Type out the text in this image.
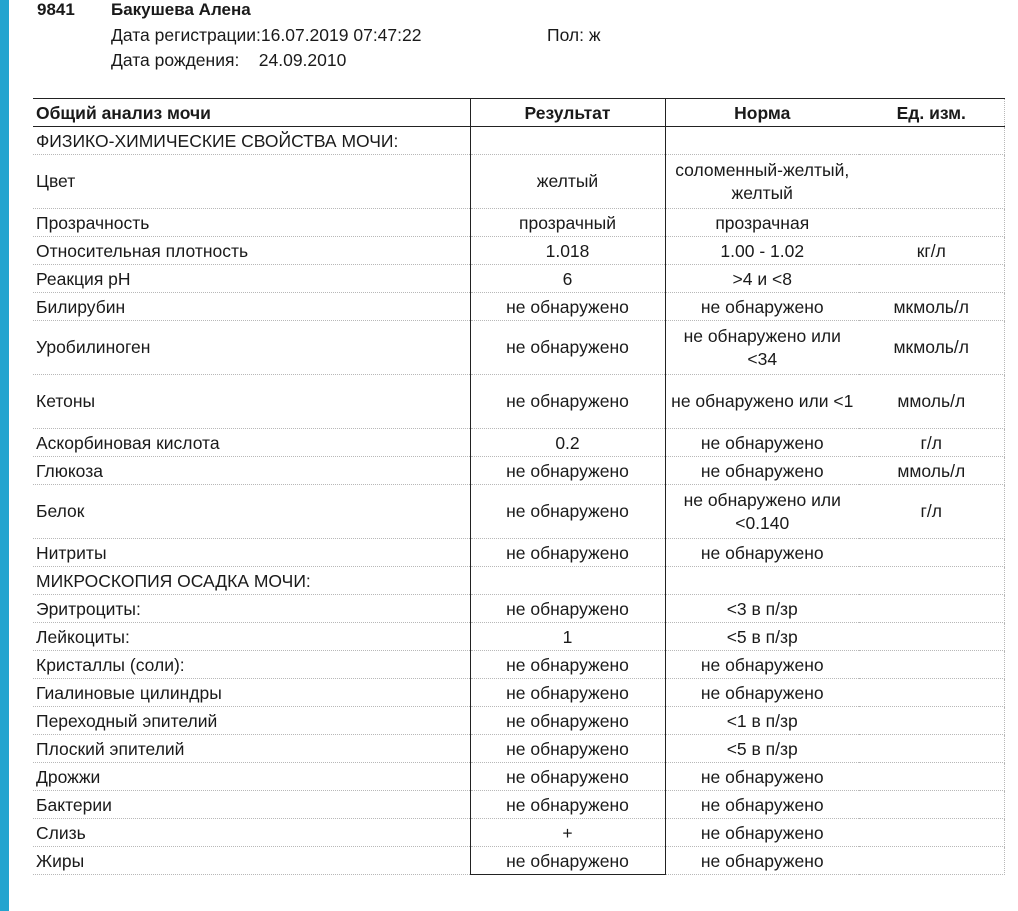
9841 Бакушева Алена
Дата регистрации:16.07.2019 07:47:22	Пол: ж
Дата рождения: 24.09.2010
Общий анализ мочи	Результат	Норма	Ед. изм.
ФИЗИКО-ХИМИЧЕСКИЕ СВОЙСТВА МОЧИ:			
Цвет	желтый	соломенный-желтый, желтый	
Прозрачность	прозрачный	прозрачная	
Относительная плотность	1.018	1.00 - 1.02	кг/л
Реакция pH	6	>4 и <8	
Билирубин	не обнаружено	не обнаружено	мкмоль/л
Уробилиноген	не обнаружено	не обнаружено или <34	мкмоль/л
Кетоны	не обнаружено	не обнаружено или <1	ммоль/л
Аскорбиновая кислота	0.2	не обнаружено	г/л
Глюкоза	не обнаружено	не обнаружено	ммоль/л
Белок	не обнаружено	не обнаружено или <0.140	г/л
Нитриты	не обнаружено	не обнаружено	
МИКРОСКОПИЯ ОСАДКА МОЧИ:			
Эритроциты:	не обнаружено	<3 в п/зр	
Лейкоциты:	1	<5 в п/зр	
Кристаллы (соли):	не обнаружено	не обнаружено	
Гиалиновые цилиндры	не обнаружено	не обнаружено	
Переходный эпителий	не обнаружено	<1 в п/зр	
Плоский эпителий	не обнаружено	<5 в п/зр	
Дрожжи	не обнаружено	не обнаружено	
Бактерии	не обнаружено	не обнаружено	
Слизь	+	не обнаружено	
Жиры	не обнаружено	не обнаружено	
